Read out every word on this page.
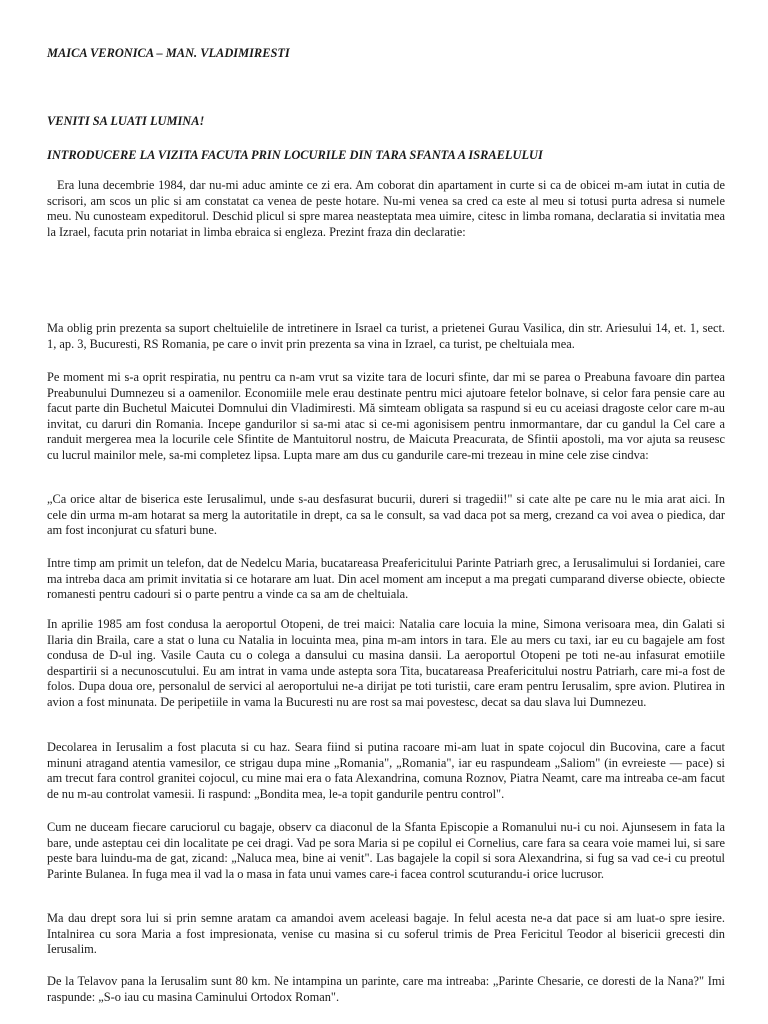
MAICA VERONICA – MAN. VLADIMIRESTI

VENITI SA LUATI LUMINA!

INTRODUCERE LA VIZITA FACUTA PRIN LOCURILE DIN TARA SFANTA A ISRAELULUI

Era luna decembrie 1984, dar nu-mi aduc aminte ce zi era. Am coborat din apartament in curte si ca de obicei m-am iutat in cutia de scrisori, am scos un plic si am constatat ca venea de peste hotare. Nu-mi venea sa cred ca este al meu si totusi purta adresa si numele meu. Nu cunosteam expeditorul. Deschid plicul si spre marea neasteptata mea uimire, citesc in limba romana, declaratia si invitatia mea la Izrael, facuta prin notariat in limba ebraica si engleza. Prezint fraza din declaratie:

Ma oblig prin prezenta sa suport cheltuielile de intretinere in Israel ca turist, a prietenei Gurau Vasilica, din str. Ariesului 14, et. 1, sect. 1, ap. 3, Bucuresti, RS Romania, pe care o invit prin prezenta sa vina in Izrael, ca turist, pe cheltuiala mea.

Pe moment mi s-a oprit respiratia, nu pentru ca n-am vrut sa vizite tara de locuri sfinte, dar mi se parea o Preabuna favoare din partea Preabunului Dumnezeu si a oamenilor. Economiile mele erau destinate pentru mici ajutoare fetelor bolnave, si celor fara pensie care au facut parte din Buchetul Maicutei Domnului din Vladimiresti. Mă simteam obligata sa raspund si eu cu aceiasi dragoste celor care m-au invitat, cu daruri din Romania. Incepe gandurilor si sa-mi atac si ce-mi agonisisem pentru inmormantare, dar cu gandul la Cel care a randuit mergerea mea la locurile cele Sfintite de Mantuitorul nostru, de Maicuta Preacurata, de Sfintii apostoli, ma vor ajuta sa reusesc cu lucrul mainilor mele, sa-mi completez lipsa. Lupta mare am dus cu gandurile care-mi trezeau in mine cele zise cindva:

„Ca orice altar de biserica este Ierusalimul, unde s-au desfasurat bucurii, dureri si tragedii!" si cate alte pe care nu le mia arat aici. In cele din urma m-am hotarat sa merg la autoritatile in drept, ca sa le consult, sa vad daca pot sa merg, crezand ca voi avea o piedica, dar am fost inconjurat cu sfaturi bune.

Intre timp am primit un telefon, dat de Nedelcu Maria, bucatareasa Preafericitului Parinte Patriarh grec, a Ierusalimului si Iordaniei, care ma intreba daca am primit invitatia si ce hotarare am luat. Din acel moment am inceput a ma pregati cumparand diverse obiecte, obiecte romanesti pentru cadouri si o parte pentru a vinde ca sa am de cheltuiala.

In aprilie 1985 am fost condusa la aeroportul Otopeni, de trei maici: Natalia care locuia la mine, Simona verisoara mea, din Galati si Ilaria din Braila, care a stat o luna cu Natalia in locuinta mea, pina m-am intors in tara. Ele au mers cu taxi, iar eu cu bagajele am fost condusa de D-ul ing. Vasile Cauta cu o colega a dansului cu masina dansii. La aeroportul Otopeni pe toti ne-au infasurat emotiile despartirii si a necunoscutului. Eu am intrat in vama unde astepta sora Tita, bucatareasa Preafericitului nostru Patriarh, care mi-a fost de folos. Dupa doua ore, personalul de servici al aeroportului ne-a dirijat pe toti turistii, care eram pentru Ierusalim, spre avion. Plutirea in avion a fost minunata. De peripetiile in vama la Bucuresti nu are rost sa mai povestesc, decat sa dau slava lui Dumnezeu.

Decolarea in Ierusalim a fost placuta si cu haz. Seara fiind si putina racoare mi-am luat in spate cojocul din Bucovina, care a facut minuni atragand atentia vamesilor, ce strigau dupa mine „Romania", „Romania", iar eu raspundeam „Saliom" (in evreieste — pace) si am trecut fara control granitei cojocul, cu mine mai era o fata Alexandrina, comuna Roznov, Piatra Neamt, care ma intreaba ce-am facut de nu m-au controlat vamesii. Ii raspund: „Bondita mea, le-a topit gandurile pentru control".

Cum ne duceam fiecare caruciorul cu bagaje, observ ca diaconul de la Sfanta Episcopie a Romanului nu-i cu noi. Ajunsesem in fata la bare, unde asteptau cei din localitate pe cei dragi. Vad pe sora Maria si pe copilul ei Cornelius, care fara sa ceara voie mamei lui, si sare peste bara luindu-ma de gat, zicand: „Naluca mea, bine ai venit". Las bagajele la copil si sora Alexandrina, si fug sa vad ce-i cu preotul Parinte Bulanea. In fuga mea il vad la o masa in fata unui vames care-i facea control scuturandu-i orice lucrusor.

Ma dau drept sora lui si prin semne aratam ca amandoi avem aceleasi bagaje. In felul acesta ne-a dat pace si am luat-o spre iesire. Intalnirea cu sora Maria a fost impresionata, venise cu masina si cu soferul trimis de Prea Fericitul Teodor al bisericii grecesti din Ierusalim.

De la Telavov pana la Ierusalim sunt 80 km. Ne intampina un parinte, care ma intreaba: „Parinte Chesarie, ce doresti de la Nana?" Imi raspunde: „S-o iau cu masina Caminului Ortodox Roman".
